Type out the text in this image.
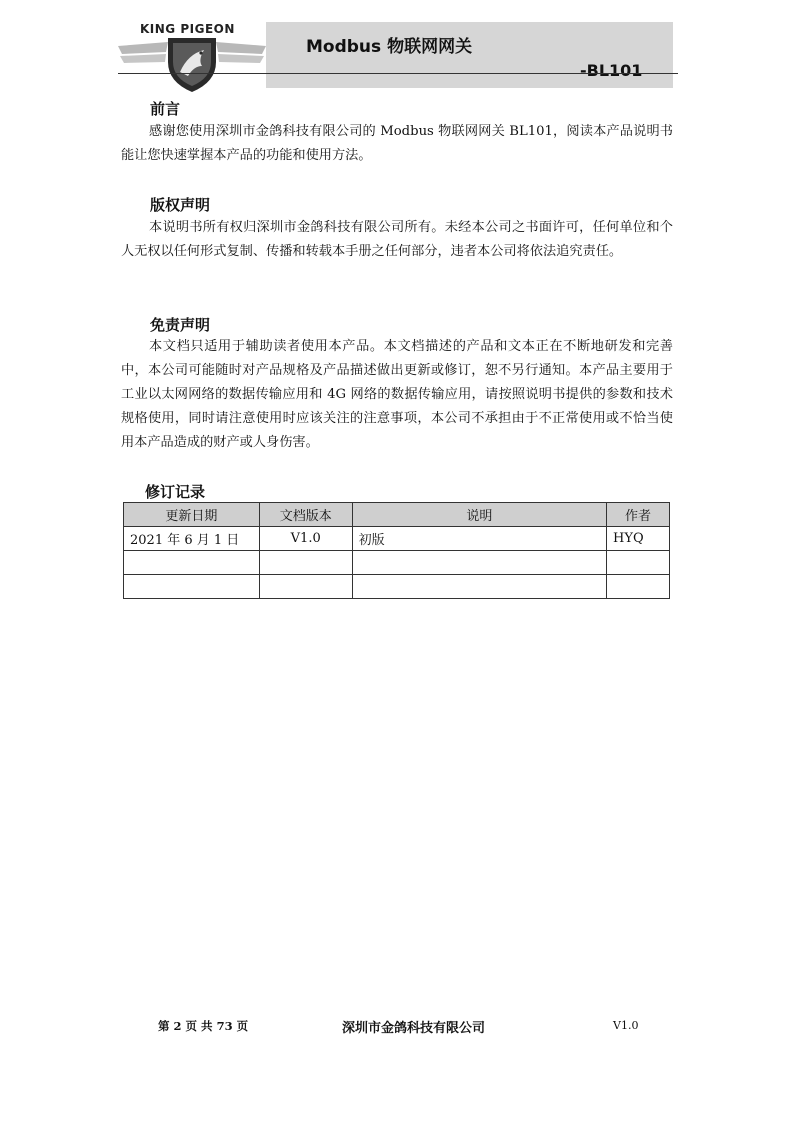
KING PIGEON
Modbus 物联网网关
-BL101
前言
感谢您使用深圳市金鸽科技有限公司的 Modbus 物联网网关 BL101，阅读本产品说明书能让您快速掌握本产品的功能和使用方法。
版权声明
本说明书所有权归深圳市金鸽科技有限公司所有。未经本公司之书面许可，任何单位和个人无权以任何形式复制、传播和转载本手册之任何部分，违者本公司将依法追究责任。
免责声明
本文档只适用于辅助读者使用本产品。本文档描述的产品和文本正在不断地研发和完善中，本公司可能随时对产品规格及产品描述做出更新或修订，恕不另行通知。本产品主要用于工业以太网网络的数据传输应用和 4G 网络的数据传输应用，请按照说明书提供的参数和技术规格使用，同时请注意使用时应该关注的注意事项，本公司不承担由于不正常使用或不恰当使用本产品造成的财产或人身伤害。
修订记录
更新日期	文档版本	说明	作者
2021 年 6 月 1 日	V1.0	初版	HYQ

第 2 页 共 73 页	深圳市金鸽科技有限公司	V1.0
